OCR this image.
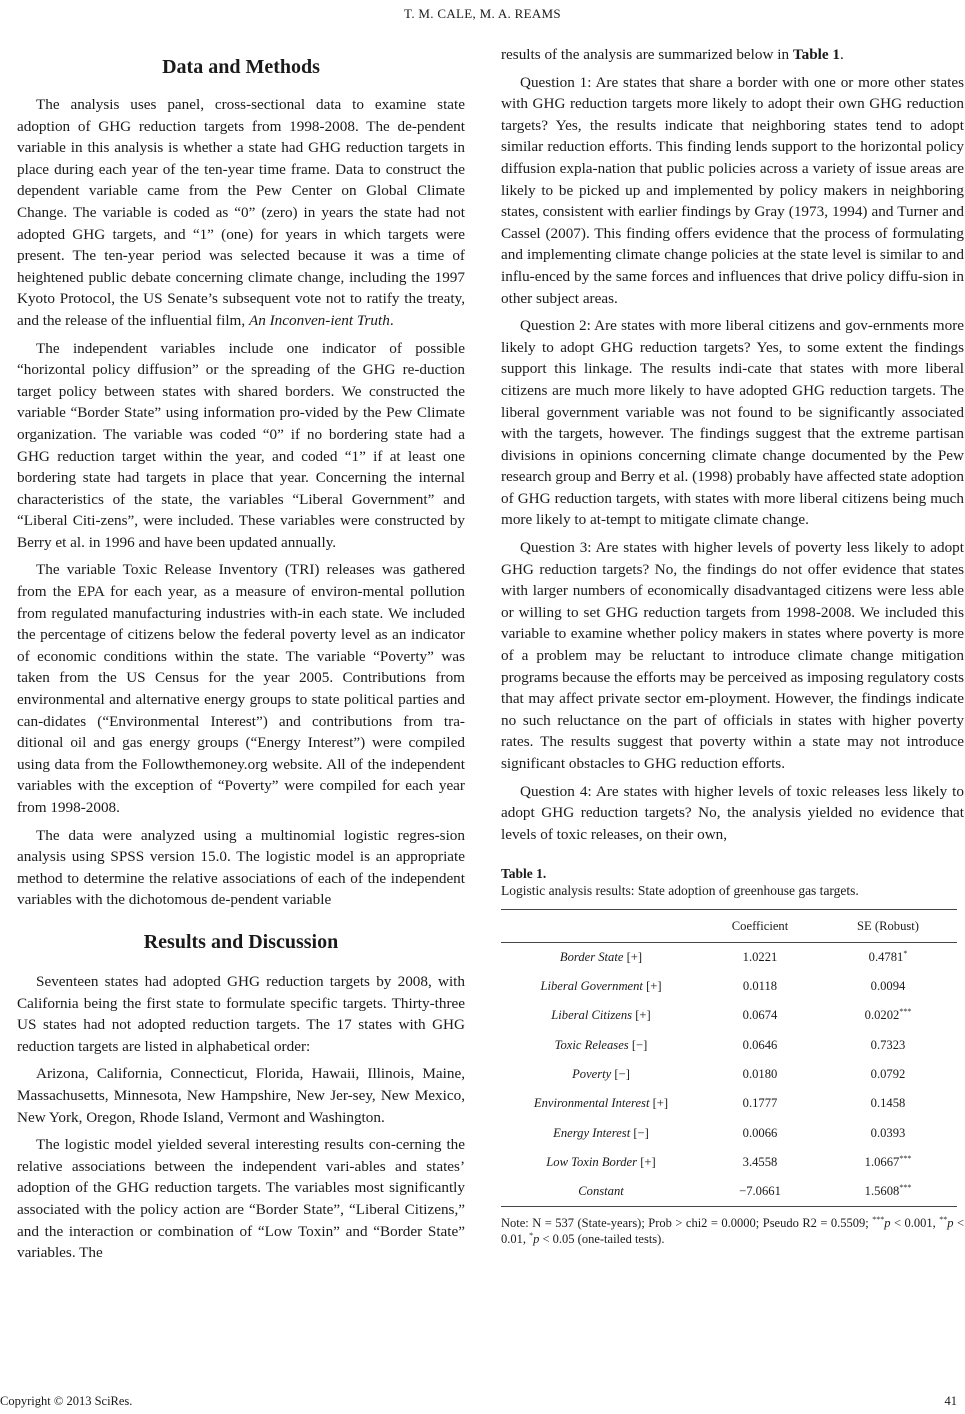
T. M. CALE, M. A. REAMS
Data and Methods

The analysis uses panel, cross-sectional data to examine state adoption of GHG reduction targets from 1998-2008. The de-pendent variable in this analysis is whether a state had GHG reduction targets in place during each year of the ten-year time frame. Data to construct the dependent variable came from the Pew Center on Global Climate Change. The variable is coded as “0” (zero) in years the state had not adopted GHG targets, and “1” (one) for years in which targets were present. The ten-year period was selected because it was a time of heightened public debate concerning climate change, including the 1997 Kyoto Protocol, the US Senate’s subsequent vote not to ratify the treaty, and the release of the influential film, An Inconven-ient Truth.

The independent variables include one indicator of possible “horizontal policy diffusion” or the spreading of the GHG re-duction target policy between states with shared borders. We constructed the variable “Border State” using information pro-vided by the Pew Climate organization. The variable was coded “0” if no bordering state had a GHG reduction target within the year, and coded “1” if at least one bordering state had targets in place that year. Concerning the internal characteristics of the state, the variables “Liberal Government” and “Liberal Citi-zens”, were included. These variables were constructed by Berry et al. in 1996 and have been updated annually.

The variable Toxic Release Inventory (TRI) releases was gathered from the EPA for each year, as a measure of environ-mental pollution from regulated manufacturing industries with-in each state. We included the percentage of citizens below the federal poverty level as an indicator of economic conditions within the state. The variable “Poverty” was taken from the US Census for the year 2005. Contributions from environmental and alternative energy groups to state political parties and can-didates (“Environmental Interest”) and contributions from tra-ditional oil and gas energy groups (“Energy Interest”) were compiled using data from the Followthemoney.org website. All of the independent variables with the exception of “Poverty” were compiled for each year from 1998-2008.

The data were analyzed using a multinomial logistic regres-sion analysis using SPSS version 15.0. The logistic model is an appropriate method to determine the relative associations of each of the independent variables with the dichotomous de-pendent variable

Results and Discussion

Seventeen states had adopted GHG reduction targets by 2008, with California being the first state to formulate specific targets. Thirty-three US states had not adopted reduction targets. The 17 states with GHG reduction targets are listed in alphabetical order:

Arizona, California, Connecticut, Florida, Hawaii, Illinois, Maine, Massachusetts, Minnesota, New Hampshire, New Jer-sey, New Mexico, New York, Oregon, Rhode Island, Vermont and Washington.

The logistic model yielded several interesting results con-cerning the relative associations between the independent vari-ables and states’ adoption of the GHG reduction targets. The variables most significantly associated with the policy action are “Border State”, “Liberal Citizens,” and the interaction or combination of “Low Toxin” and “Border State” variables. The

results of the analysis are summarized below in Table 1.

Question 1: Are states that share a border with one or more other states with GHG reduction targets more likely to adopt their own GHG reduction targets? Yes, the results indicate that neighboring states tend to adopt similar reduction efforts. This finding lends support to the horizontal policy diffusion expla-nation that public policies across a variety of issue areas are likely to be picked up and implemented by policy makers in neighboring states, consistent with earlier findings by Gray (1973, 1994) and Turner and Cassel (2007). This finding offers evidence that the process of formulating and implementing climate change policies at the state level is similar to and influ-enced by the same forces and influences that drive policy diffu-sion in other subject areas.

Question 2: Are states with more liberal citizens and gov-ernments more likely to adopt GHG reduction targets? Yes, to some extent the findings support this linkage. The results indi-cate that states with more liberal citizens are much more likely to have adopted GHG reduction targets. The liberal government variable was not found to be significantly associated with the targets, however. The findings suggest that the extreme partisan divisions in opinions concerning climate change documented by the Pew research group and Berry et al. (1998) probably have affected state adoption of GHG reduction targets, with states with more liberal citizens being much more likely to at-tempt to mitigate climate change.

Question 3: Are states with higher levels of poverty less likely to adopt GHG reduction targets? No, the findings do not offer evidence that states with larger numbers of economically disadvantaged citizens were less able or willing to set GHG reduction targets from 1998-2008. We included this variable to examine whether policy makers in states where poverty is more of a problem may be reluctant to introduce climate change mitigation programs because the efforts may be perceived as imposing regulatory costs that may affect private sector em-ployment. However, the findings indicate no such reluctance on the part of officials in states with higher poverty rates. The results suggest that poverty within a state may not introduce significant obstacles to GHG reduction efforts.

Question 4: Are states with higher levels of toxic releases less likely to adopt GHG reduction targets? No, the analysis yielded no evidence that levels of toxic releases, on their own,

Table 1.
Logistic analysis results: State adoption of greenhouse gas targets.
	Coefficient	SE (Robust)
Border State [+]	1.0221	0.4781*
Liberal Government [+]	0.0118	0.0094
Liberal Citizens [+]	0.0674	0.0202***
Toxic Releases [−]	0.0646	0.7323
Poverty [−]	0.0180	0.0792
Environmental Interest [+]	0.1777	0.1458
Energy Interest [−]	0.0066	0.0393
Low Toxin Border [+]	3.4558	1.0667***
Constant	−7.0661	1.5608***
Note: N = 537 (State-years); Prob > chi2 = 0.0000; Pseudo R2 = 0.5509; ***p < 0.001, **p < 0.01, *p < 0.05 (one-tailed tests).
Copyright © 2013 SciRes.	41
